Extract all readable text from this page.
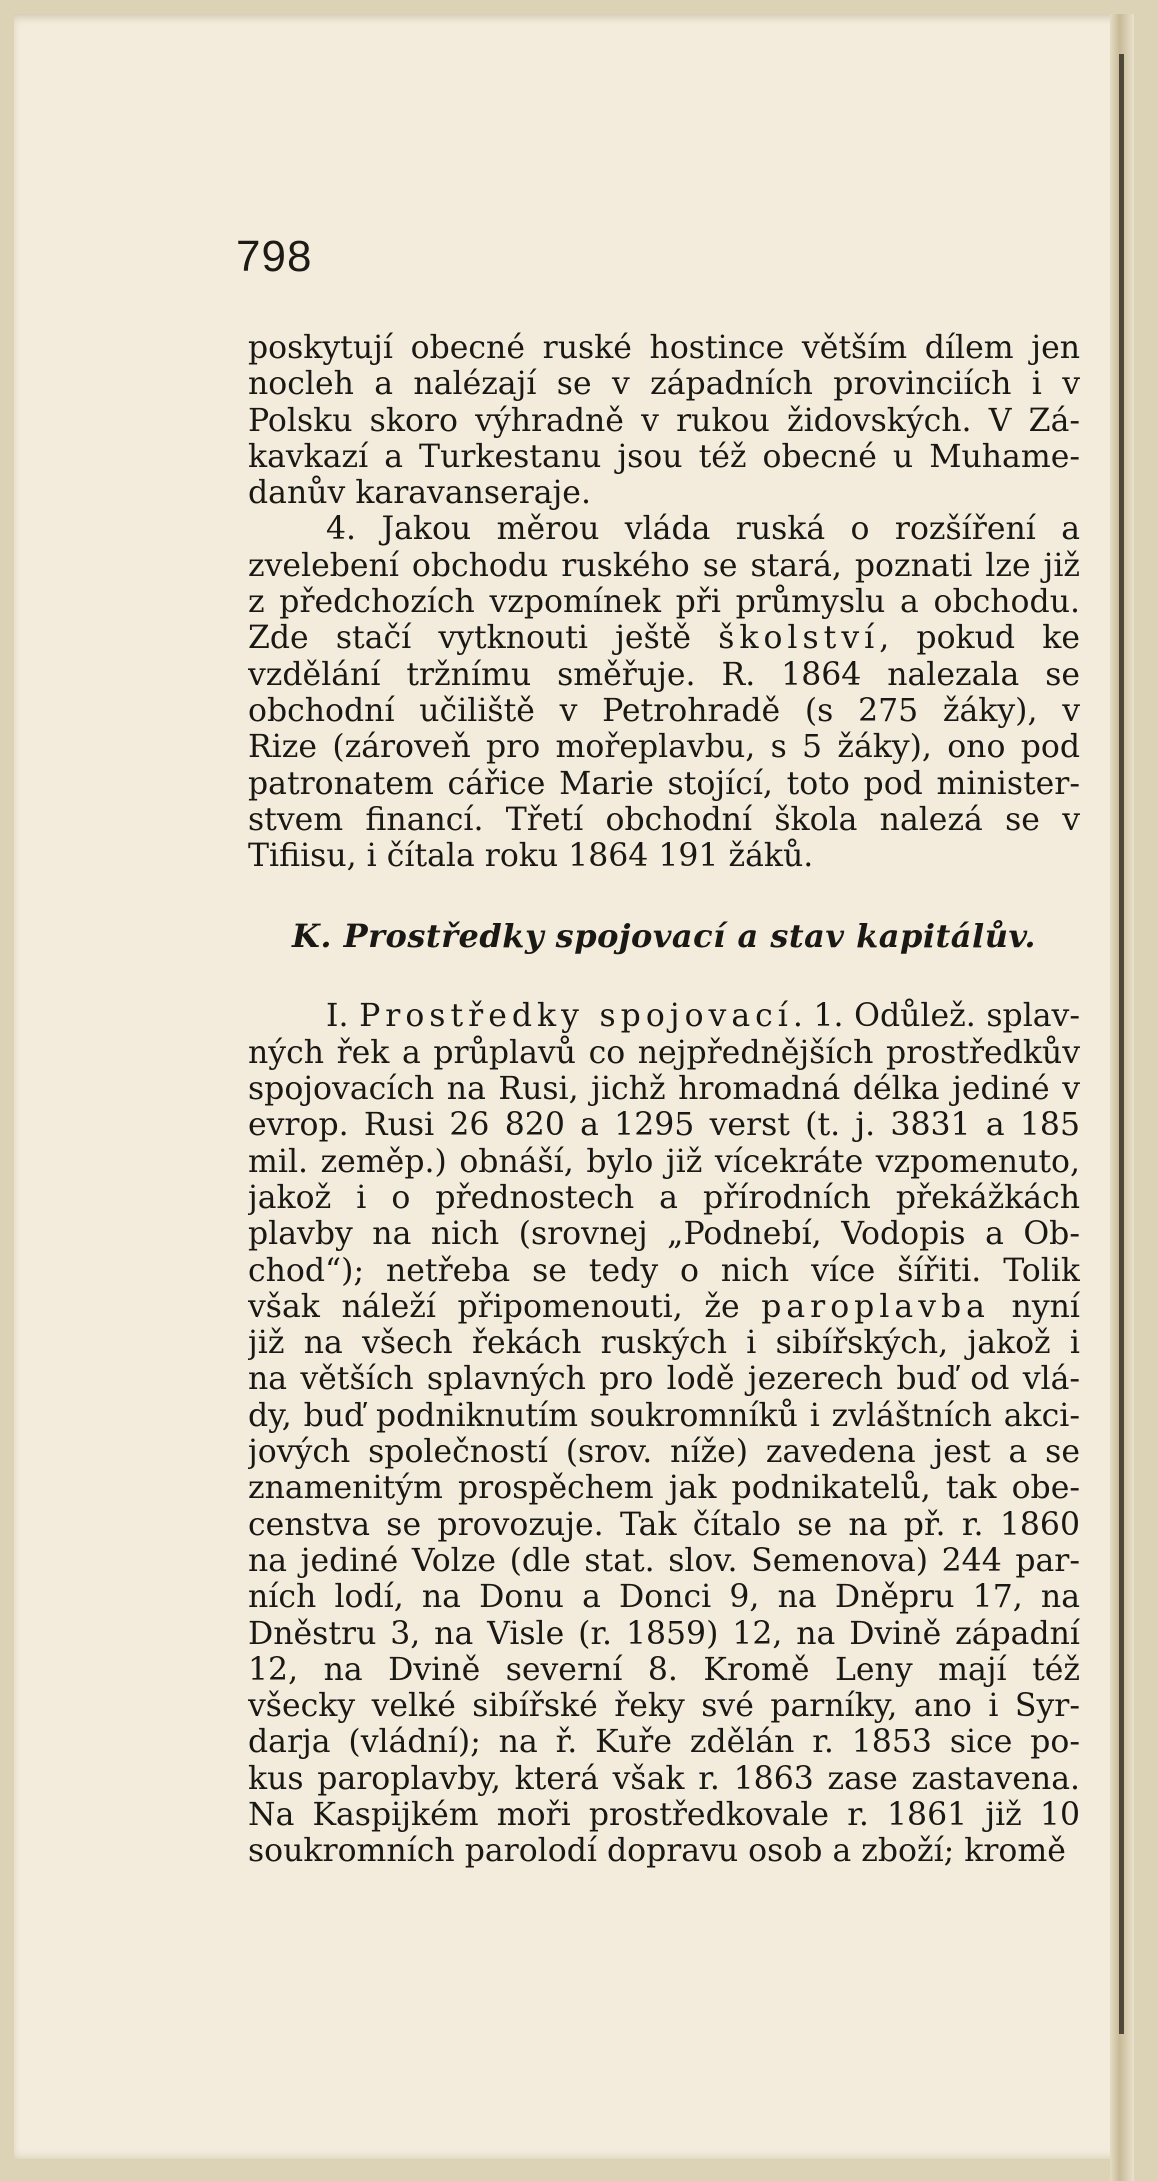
798
poskytují obecné ruské hostince větším dílem jen
nocleh a nalézají se v západních provinciích i v
Polsku skoro výhradně v rukou židovských. V Zá-
kavkazí a Turkestanu jsou též obecné u Muhame-
danův karavanseraje.
4. Jakou měrou vláda ruská o rozšíření a
zvelebení obchodu ruského se stará, poznati lze již
z předchozích vzpomínek při průmyslu a obchodu.
Zde stačí vytknouti ještě školství, pokud ke
vzdělání tržnímu směřuje. R. 1864 nalezala se
obchodní učiliště v Petrohradě (s 275 žáky), v
Rize (zároveň pro mořeplavbu, s 5 žáky), ono pod
patronatem cářice Marie stojící, toto pod minister-
stvem financí. Třetí obchodní škola nalezá se v
Tifiisu, i čítala roku 1864 191 žáků.
K. Prostředky spojovací a stav kapitálův.
I. Prostředky spojovací. 1. Odůlež. splav-
ných řek a průplavů co nejpřednějších prostředkův
spojovacích na Rusi, jichž hromadná délka jediné v
evrop. Rusi 26 820 a 1295 verst (t. j. 3831 a 185
mil. zeměp.) obnáší, bylo již vícekráte vzpomenuto,
jakož i o přednostech a přírodních překážkách
plavby na nich (srovnej „Podnebí, Vodopis a Ob-
chod“); netřeba se tedy o nich více šířiti. Tolik
však náleží připomenouti, že paroplavba nyní
již na všech řekách ruských i sibířských, jakož i
na větších splavných pro lodě jezerech buď od vlá-
dy, buď podniknutím soukromníků i zvláštních akci-
jových společností (srov. níže) zavedena jest a se
znamenitým prospěchem jak podnikatelů, tak obe-
censtva se provozuje. Tak čítalo se na př. r. 1860
na jediné Volze (dle stat. slov. Semenova) 244 par-
ních lodí, na Donu a Donci 9, na Dněpru 17, na
Dněstru 3, na Visle (r. 1859) 12, na Dvině západní
12, na Dvině severní 8. Kromě Leny mají též
všecky velké sibířské řeky své parníky, ano i Syr-
darja (vládní); na ř. Kuře zdělán r. 1853 sice po-
kus paroplavby, která však r. 1863 zase zastavena.
Na Kaspijkém moři prostředkovale r. 1861 již 10
soukromních parolodí dopravu osob a zboží; kromě
